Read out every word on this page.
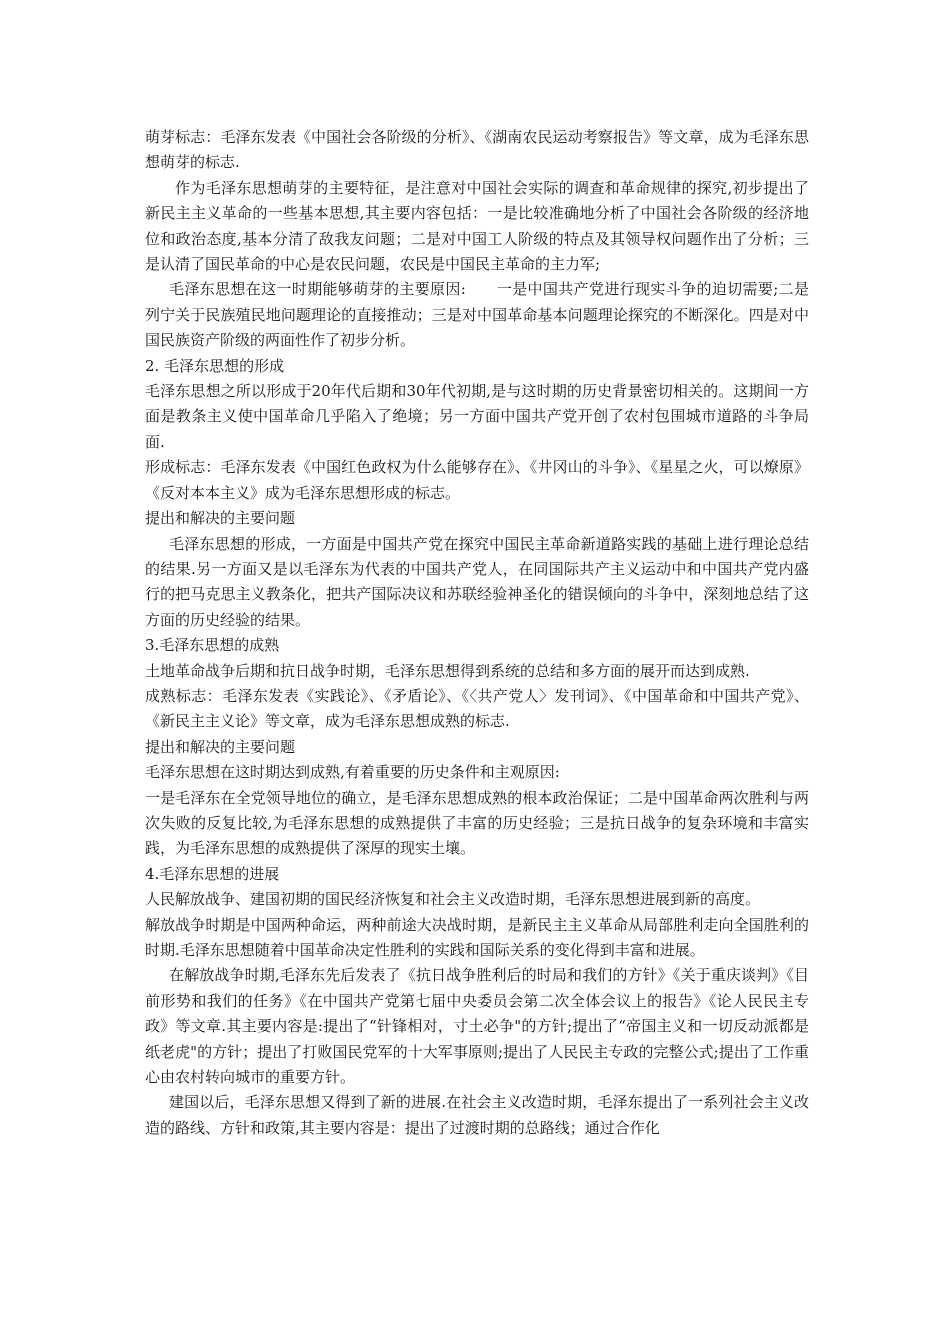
萌芽标志：毛泽东发表《中国社会各阶级的分析》、《湖南农民运动考察报告》等文章，成为毛泽东思想萌芽的标志.

作为毛泽东思想萌芽的主要特征，是注意对中国社会实际的调查和革命规律的探究,初步提出了新民主主义革命的一些基本思想,其主要内容包括：一是比较准确地分析了中国社会各阶级的经济地位和政治态度,基本分清了敌我友问题；二是对中国工人阶级的特点及其领导权问题作出了分析；三是认清了国民革命的中心是农民问题，农民是中国民主革命的主力军;

毛泽东思想在这一时期能够萌芽的主要原因:　　一是中国共产党进行现实斗争的迫切需要;二是列宁关于民族殖民地问题理论的直接推动；三是对中国革命基本问题理论探究的不断深化。四是对中国民族资产阶级的两面性作了初步分析。

2. 毛泽东思想的形成

毛泽东思想之所以形成于20年代后期和30年代初期,是与这时期的历史背景密切相关的。这期间一方面是教条主义使中国革命几乎陷入了绝境；另一方面中国共产党开创了农村包围城市道路的斗争局面.

形成标志：毛泽东发表《中国红色政权为什么能够存在》、《井冈山的斗争》、《星星之火，可以燎原》《反对本本主义》成为毛泽东思想形成的标志。

提出和解决的主要问题

毛泽东思想的形成，一方面是中国共产党在探究中国民主革命新道路实践的基础上进行理论总结的结果.另一方面又是以毛泽东为代表的中国共产党人，在同国际共产主义运动中和中国共产党内盛行的把马克思主义教条化，把共产国际决议和苏联经验神圣化的错误倾向的斗争中，深刻地总结了这方面的历史经验的结果。

3.毛泽东思想的成熟

土地革命战争后期和抗日战争时期，毛泽东思想得到系统的总结和多方面的展开而达到成熟.

成熟标志：毛泽东发表《实践论》、《矛盾论》、《〈共产党人〉发刊词》、《中国革命和中国共产党》、《新民主主义论》等文章，成为毛泽东思想成熟的标志.

提出和解决的主要问题

毛泽东思想在这时期达到成熟,有着重要的历史条件和主观原因:

一是毛泽东在全党领导地位的确立，是毛泽东思想成熟的根本政治保证；二是中国革命两次胜利与两次失败的反复比较,为毛泽东思想的成熟提供了丰富的历史经验；三是抗日战争的复杂环境和丰富实践，为毛泽东思想的成熟提供了深厚的现实土壤。

4.毛泽东思想的进展

人民解放战争、建国初期的国民经济恢复和社会主义改造时期，毛泽东思想进展到新的高度。

解放战争时期是中国两种命运，两种前途大决战时期，是新民主主义革命从局部胜利走向全国胜利的时期.毛泽东思想随着中国革命决定性胜利的实践和国际关系的变化得到丰富和进展。

在解放战争时期,毛泽东先后发表了《抗日战争胜利后的时局和我们的方针》《关于重庆谈判》《目前形势和我们的任务》《在中国共产党第七届中央委员会第二次全体会议上的报告》《论人民民主专政》等文章.其主要内容是:提出了“针锋相对，寸土必争"的方针;提出了“帝国主义和一切反动派都是纸老虎"的方针；提出了打败国民党军的十大军事原则;提出了人民民主专政的完整公式;提出了工作重心由农村转向城市的重要方针。

建国以后，毛泽东思想又得到了新的进展.在社会主义改造时期，毛泽东提出了一系列社会主义改造的路线、方针和政策,其主要内容是：提出了过渡时期的总路线；通过合作化
